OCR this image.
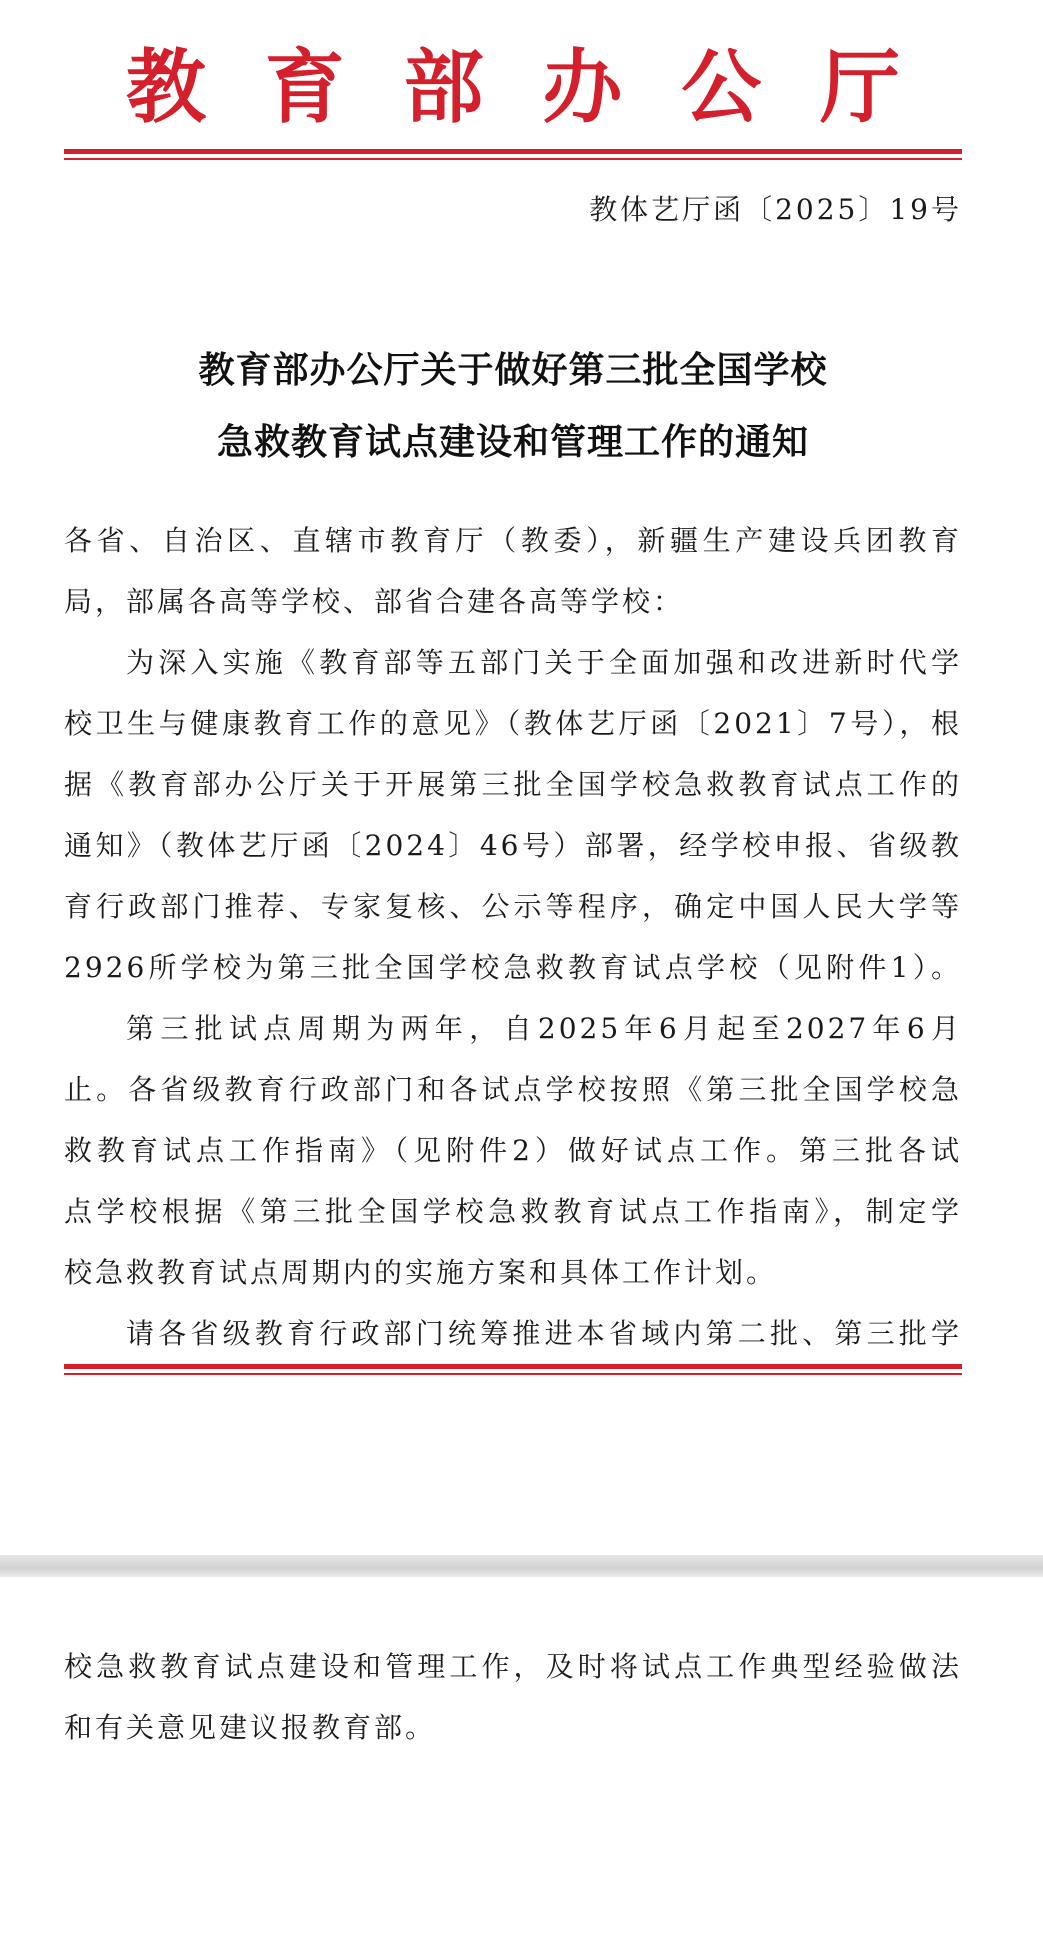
教 育 部 办 公 厅
教体艺厅函〔2025〕19号
教育部办公厅关于做好第三批全国学校
急救教育试点建设和管理工作的通知

各省、自治区、直辖市教育厅（教委），新疆生产建设兵团教育
局，部属各高等学校、部省合建各高等学校：

为深入实施《教育部等五部门关于全面加强和改进新时代学
校卫生与健康教育工作的意见》（教体艺厅函〔2021〕7号），根
据《教育部办公厅关于开展第三批全国学校急救教育试点工作的
通知》（教体艺厅函〔2024〕46号）部署，经学校申报、省级教
育行政部门推荐、专家复核、公示等程序，确定中国人民大学等
2926所学校为第三批全国学校急救教育试点学校（见附件1）。

第三批试点周期为两年，自2025年6月起至2027年6月
止。各省级教育行政部门和各试点学校按照《第三批全国学校急
救教育试点工作指南》（见附件2）做好试点工作。第三批各试
点学校根据《第三批全国学校急救教育试点工作指南》，制定学
校急救教育试点周期内的实施方案和具体工作计划。

请各省级教育行政部门统筹推进本省域内第二批、第三批学

校急救教育试点建设和管理工作，及时将试点工作典型经验做法
和有关意见建议报教育部。
